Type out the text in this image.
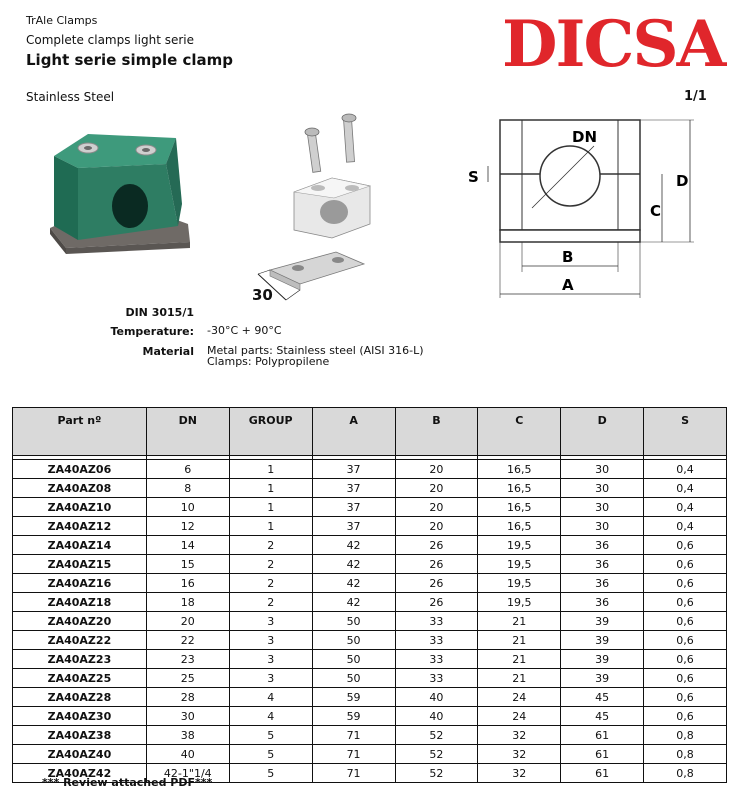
TrAle Clamps
Complete clamps light serie
Light serie simple clamp
Stainless Steel	1/1
DICSA
30
DN
S	D
C
B
A
DIN 3015/1
Temperature: -30°C + 90°C
Material Metal parts: Stainless steel (AISI 316-L)
Clamps: Polypropilene
Part nº	DN	GROUP	A	B	C	D	S

ZA40AZ06	6	1	37	20	16,5	30	0,4
ZA40AZ08	8	1	37	20	16,5	30	0,4
ZA40AZ10	10	1	37	20	16,5	30	0,4
ZA40AZ12	12	1	37	20	16,5	30	0,4
ZA40AZ14	14	2	42	26	19,5	36	0,6
ZA40AZ15	15	2	42	26	19,5	36	0,6
ZA40AZ16	16	2	42	26	19,5	36	0,6
ZA40AZ18	18	2	42	26	19,5	36	0,6
ZA40AZ20	20	3	50	33	21	39	0,6
ZA40AZ22	22	3	50	33	21	39	0,6
ZA40AZ23	23	3	50	33	21	39	0,6
ZA40AZ25	25	3	50	33	21	39	0,6
ZA40AZ28	28	4	59	40	24	45	0,6
ZA40AZ30	30	4	59	40	24	45	0,6
ZA40AZ38	38	5	71	52	32	61	0,8
ZA40AZ40	40	5	71	52	32	61	0,8
ZA40AZ42	42-1"1/4	5	71	52	32	61	0,8
*** Review attached PDF***
